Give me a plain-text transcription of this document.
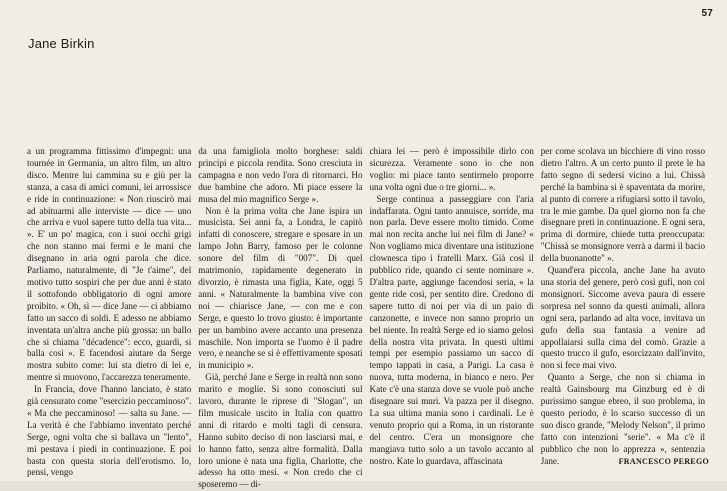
57
Jane Birkin

a un programma fittissimo d'impegni: una tournée in Germania, un altro film, un altro disco. Mentre lui cammina su e giù per la stanza, a casa di amici comuni, lei arrossisce e ride in continuazione: « Non riuscirò mai ad abituarmi alle interviste — dice — uno che arriva e vuol sapere tutto della tua vita... ». E' un po' magica, con i suoi occhi grigi che non stanno mai fermi e le mani che disegnano in aria ogni parola che dice. Parliamo, naturalmente, di "Je t'aime", del motivo tutto sospiri che per due anni è stato il sottofondo obbligatorio di ogni amore proibito. « Oh, sì — dice Jane — ci abbiamo fatto un sacco di soldi. E adesso ne abbiamo inventata un'altra anche più grossa: un ballo che si chiama "décadence": ecco, guardi, si balla così ». E facendosi aiutare da Serge mostra subito come: lui sta dietro di lei e, mentre si muovono, l'accarezza teneramente.

In Francia, dove l'hanno lanciato, è stato già censurato come "esercizio peccaminoso". « Ma che peccaminoso! — salta su Jane. — La verità è che l'abbiamo inventato perché Serge, ogni volta che si ballava un "lento", mi pestava i piedi in continuazione. E poi basta con questa storia dell'erotismo. Io, pensi, vengo

da una famigliola molto borghese: saldi principi e piccola rendita. Sono cresciuta in campagna e non vedo l'ora di ritornarci. Ho due bambine che adoro. Mi piace essere la musa del mio magnifico Serge ».

Non è la prima volta che Jane ispira un musicista. Sei anni fa, a Londra, le capitò infatti di conoscere, stregare e sposare in un lampo John Barry, famoso per le colonne sonore del film di "007". Di quel matrimonio, rapidamente degenerato in divorzio, è rimasta una figlia, Kate, oggi 5 anni. « Naturalmente la bambina vive con noi — chiarisce Jane, — con me e con Serge, e questo lo trovo giusto: è importante per un bambino avere accanto una presenza maschile. Non importa se l'uomo è il padre vero, e neanche se si è effettivamente sposati in municipio ».

Già, perché Jane e Serge in realtà non sono marito e moglie. Si sono conosciuti sul lavoro, durante le riprese di "Slogan", un film musicale uscito in Italia con quattro anni di ritardo e molti tagli di censura. Hanno subito deciso di non lasciarsi mai, e lo hanno fatto, senza altre formalità. Dalla loro unione è nata una figlia, Charlotte, che adesso ha otto mesi. « Non credo che ci sposeremo — di-

chiara lei — però è impossibile dirlo con sicurezza. Veramente sono io che non voglio: mi piace tanto sentirmelo proporre una volta ogni due o tre giorni... ».

Serge continua a passeggiare con l'aria indaffarata. Ogni tanto annuisce, sorride, ma non parla. Deve essere molto timido. Come mai non recita anche lui nei film di Jane? « Non vogliamo mica diventare una istituzione clownesca tipo i fratelli Marx. Già così il pubblico ride, quando ci sente nominare ». D'altra parte, aggiunge facendosi seria, « la gente ride così, per sentito dire. Credono di sapere tutto di noi per via di un paio di canzonette, e invece non sanno proprio un bel niente. In realtà Serge ed io siamo gelosi della nostra vita privata. In questi ultimi tempi per esempio passiamo un sacco di tempo tappati in casa, a Parigi. La casa è nuova, tutta moderna, in bianco e nero. Per Kate c'è una stanza dove se vuole può anche disegnare sui muri. Va pazza per il disegno. La sua ultima mania sono i cardinali. Le è venuto proprio qui a Roma, in un ristorante del centro. C'era un monsignore che mangiava tutto solo a un tavolo accanto al nostro. Kate lo guardava, affascinata

per come scolava un bicchiere di vino rosso dietro l'altro. A un certo punto il prete le ha fatto segno di sedersi vicino a lui. Chissà perché la bambina si è spaventata da morire, al punto di correre a rifugiarsi sotto il tavolo, tra le mie gambe. Da quel giorno non fa che disegnare preti in continuazione. E ogni sera, prima di dormire, chiede tutta preoccupata: "Chissà se monsignore verrà a darmi il bacio della buonanotte" ».

Quand'era piccola, anche Jane ha avuto una storia del genere, però così gufi, non coi monsignori. Siccome aveva paura di essere sorpresa nel sonno da questi animali, allora ogni sera, parlando ad alta voce, invitava un gufo della sua fantasia a venire ad appollaiarsi sulla cima del comò. Grazie a questo trucco il gufo, esorcizzato dall'invito, non si fece mai vivo.

Quanto a Serge, che non si chiama in realtà Gainsbourg ma Ginzburg ed è di purissimo sangue ebreo, il suo problema, in questo periodo, è lo scarso successo di un suo disco grande, "Melody Nelson", il primo fatto con intenzioni "serie". « Ma c'è il pubblico che non lo apprezza », sentenzia Jane.	FRANCESCO PEREGO
